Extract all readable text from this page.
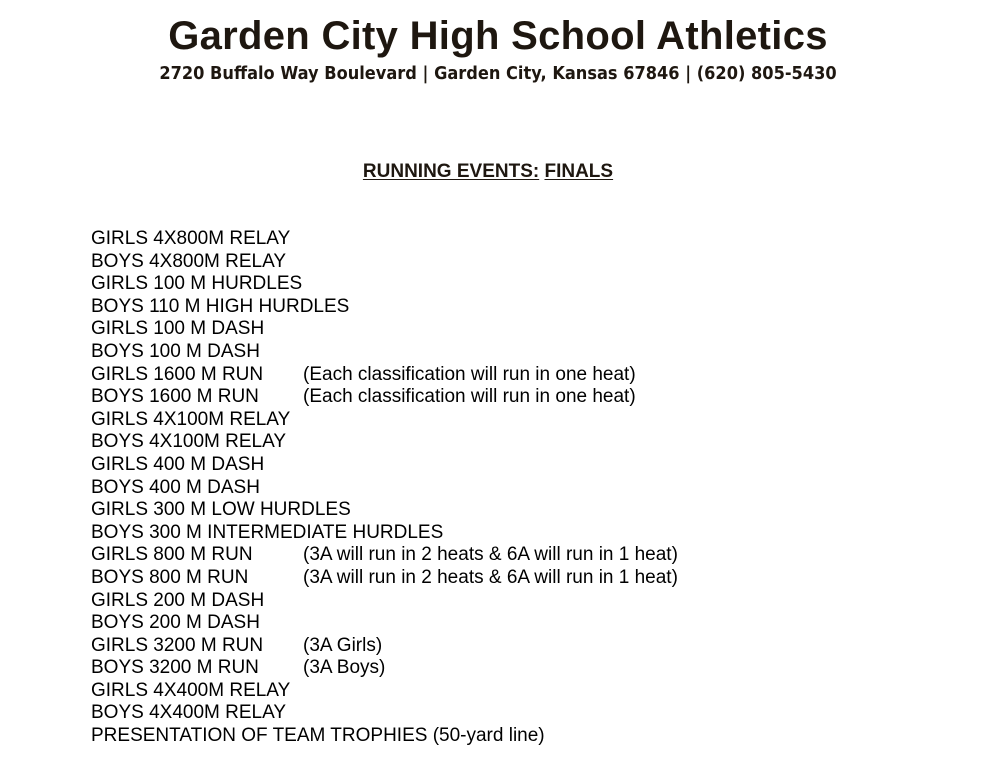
Garden City High School Athletics
2720 Buffalo Way Boulevard | Garden City, Kansas 67846 | (620) 805-5430
RUNNING EVENTS: FINALS
GIRLS 4X800M RELAY
BOYS 4X800M RELAY
GIRLS 100 M HURDLES
BOYS 110 M HIGH HURDLES
GIRLS 100 M DASH
BOYS 100 M DASH
GIRLS 1600 M RUN	(Each classification will run in one heat)
BOYS 1600 M RUN	(Each classification will run in one heat)
GIRLS 4X100M RELAY
BOYS 4X100M RELAY
GIRLS 400 M DASH
BOYS 400 M DASH
GIRLS 300 M LOW HURDLES
BOYS 300 M INTERMEDIATE HURDLES
GIRLS 800 M RUN	(3A will run in 2 heats & 6A will run in 1 heat)
BOYS 800 M RUN	(3A will run in 2 heats & 6A will run in 1 heat)
GIRLS 200 M DASH
BOYS 200 M DASH
GIRLS 3200 M RUN	(3A Girls)
BOYS 3200 M RUN	(3A Boys)
GIRLS 4X400M RELAY
BOYS 4X400M RELAY
PRESENTATION OF TEAM TROPHIES (50-yard line)
